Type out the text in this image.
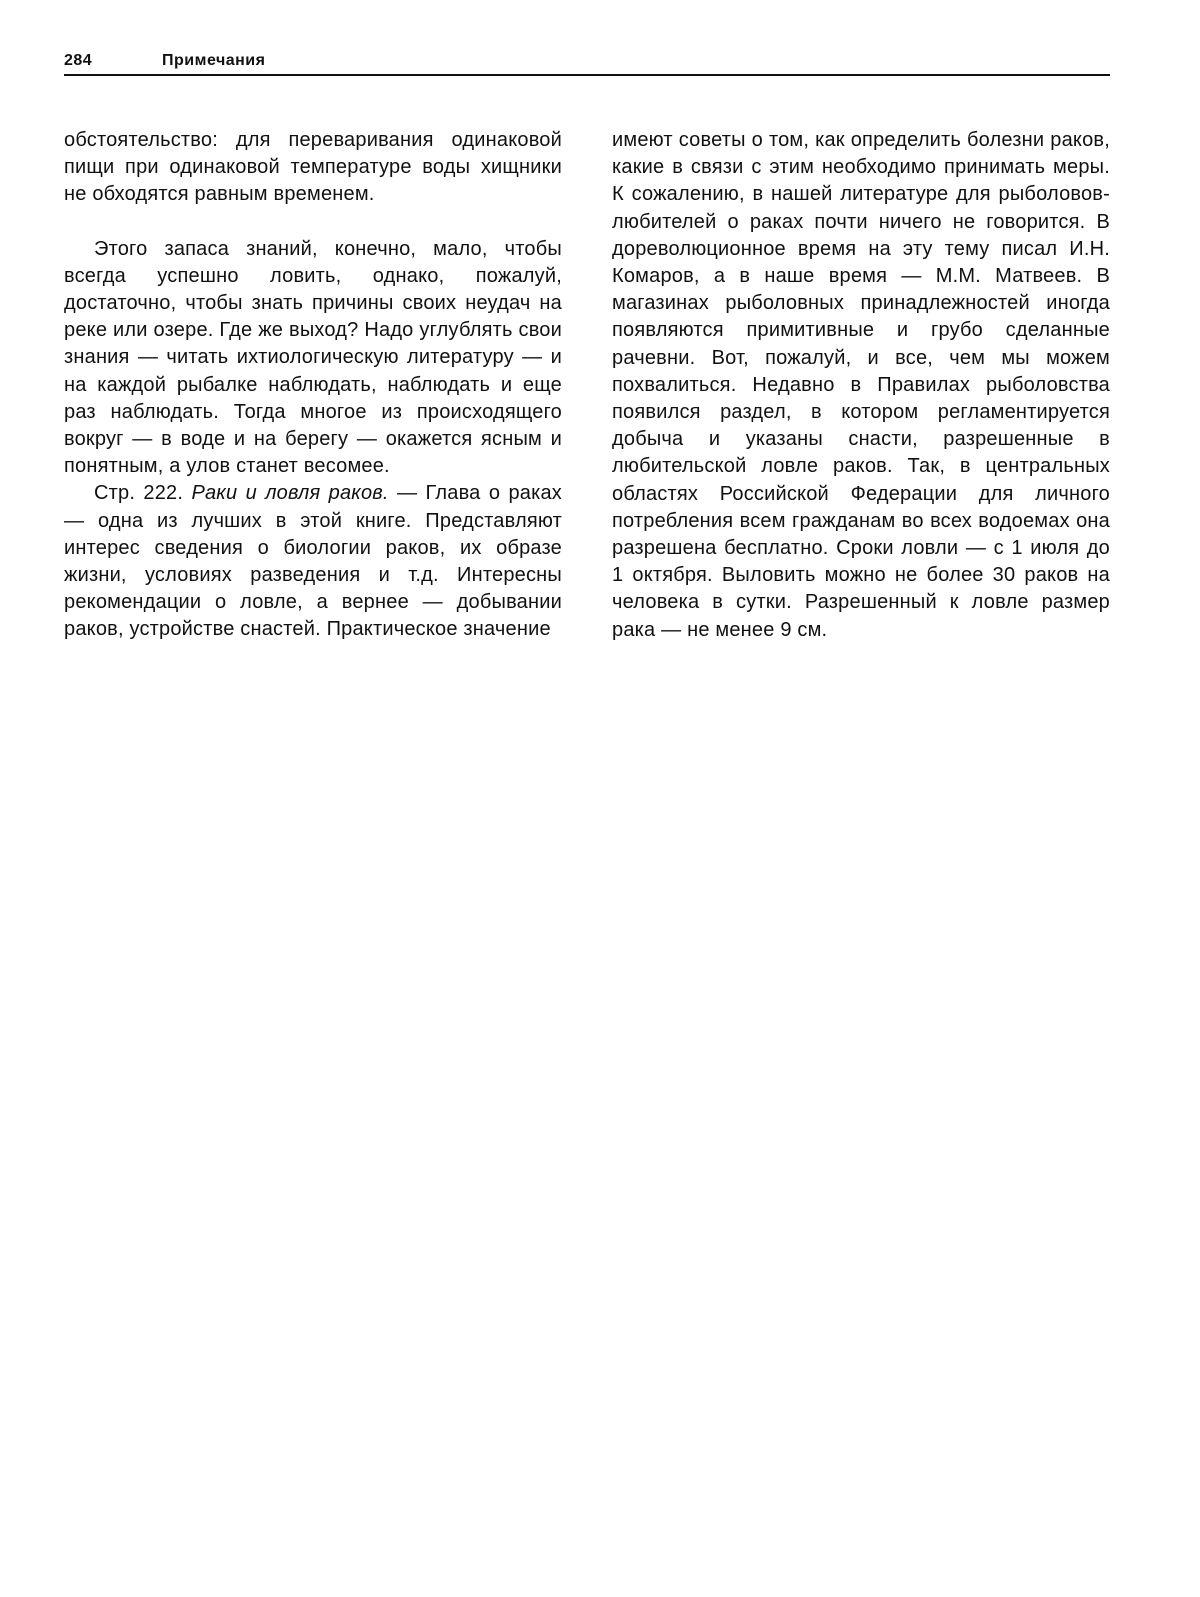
284	Примечания

обстоятельство: для переваривания одинаковой пищи при одинаковой температуре воды хищники не обходятся равным временем.

Этого запаса знаний, конечно, мало, чтобы всегда успешно ловить, однако, пожалуй, достаточно, чтобы знать причины своих неудач на реке или озере. Где же выход? Надо углублять свои знания — читать ихтиологическую литературу — и на каждой рыбалке наблюдать, наблюдать и еще раз наблюдать. Тогда многое из происходящего вокруг — в воде и на берегу — окажется ясным и понятным, а улов станет весомее.

Стр. 222. Раки и ловля раков. — Глава о раках — одна из лучших в этой книге. Представляют интерес сведения о биологии раков, их образе жизни, условиях разведения и т.д. Интересны рекомендации о ловле, а вернее — добывании раков, устройстве снастей. Практическое значение

имеют советы о том, как определить болезни раков, какие в связи с этим необходимо принимать меры. К сожалению, в нашей литературе для рыболовов-любителей о раках почти ничего не говорится. В дореволюционное время на эту тему писал И.Н. Комаров, а в наше время — М.М. Матвеев. В магазинах рыболовных принадлежностей иногда появляются примитивные и грубо сделанные рачевни. Вот, пожалуй, и все, чем мы можем похвалиться. Недавно в Правилах рыболовства появился раздел, в котором регламентируется добыча и указаны снасти, разрешенные в любительской ловле раков. Так, в центральных областях Российской Федерации для личного потребления всем гражданам во всех водоемах она разрешена бесплатно. Сроки ловли — с 1 июля до 1 октября. Выловить можно не более 30 раков на человека в сутки. Разрешенный к ловле размер рака — не менее 9 см.
